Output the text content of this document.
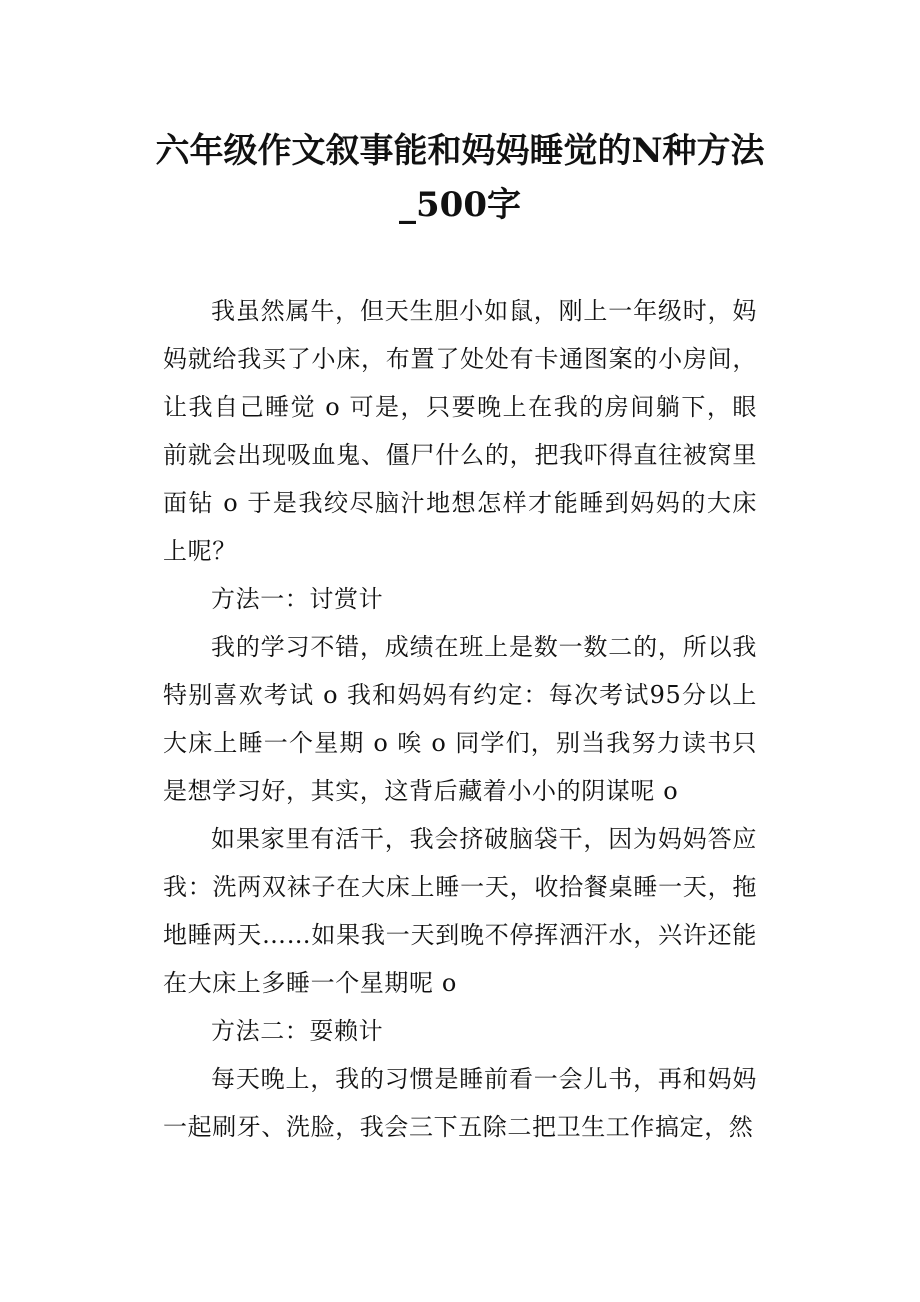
六年级作文叙事能和妈妈睡觉的N种方法_500字

我虽然属牛，但天生胆小如鼠，刚上一年级时，妈妈就给我买了小床，布置了处处有卡通图案的小房间，让我自己睡觉 o 可是，只要晚上在我的房间躺下，眼前就会出现吸血鬼、僵尸什么的，把我吓得直往被窝里面钻 o 于是我绞尽脑汁地想怎样才能睡到妈妈的大床上呢？

方法一：讨赏计

我的学习不错，成绩在班上是数一数二的，所以我特别喜欢考试 o 我和妈妈有约定：每次考试95分以上大床上睡一个星期 o 唉 o 同学们，别当我努力读书只是想学习好，其实，这背后藏着小小的阴谋呢 o

如果家里有活干，我会挤破脑袋干，因为妈妈答应我：洗两双袜子在大床上睡一天，收拾餐桌睡一天，拖地睡两天……如果我一天到晚不停挥洒汗水，兴许还能在大床上多睡一个星期呢 o

方法二：耍赖计

每天晚上，我的习惯是睡前看一会儿书，再和妈妈一起刷牙、洗脸，我会三下五除二把卫生工作搞定，然
